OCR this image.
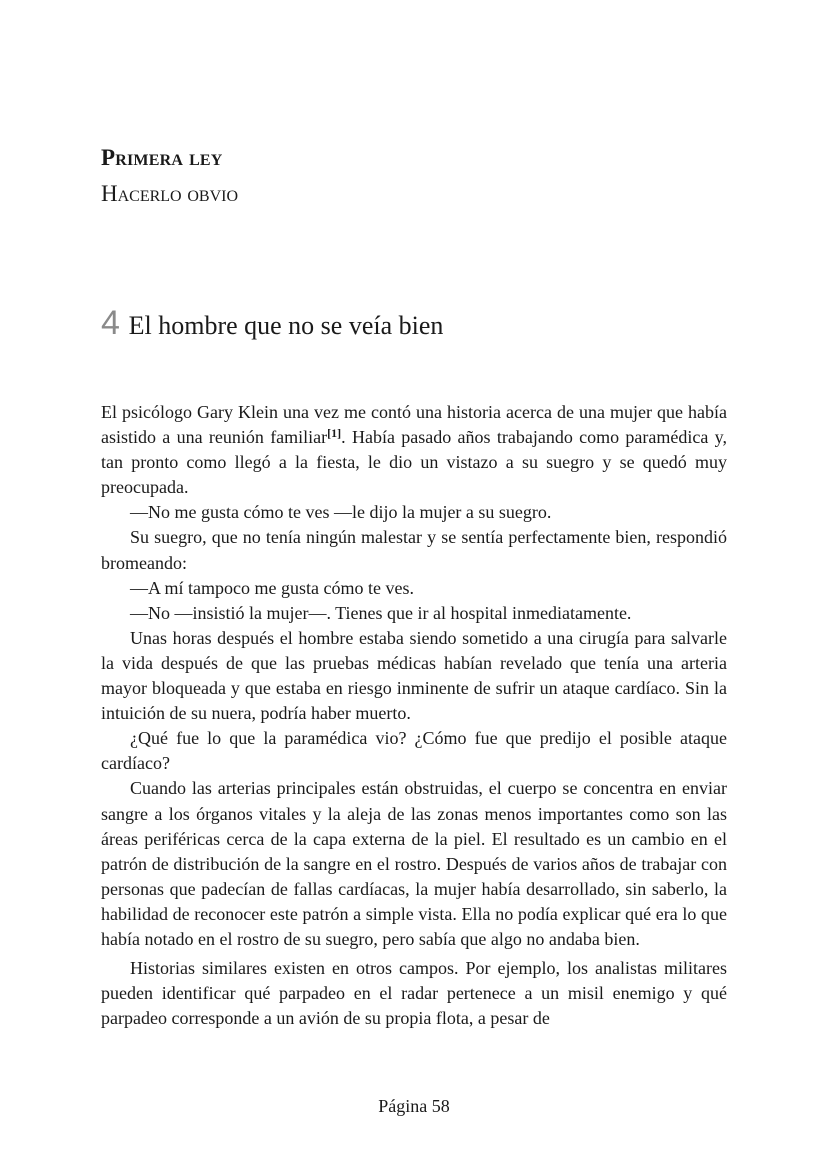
Primera ley
Hacerlo obvio
4 El hombre que no se veía bien

El psicólogo Gary Klein una vez me contó una historia acerca de una mujer que había asistido a una reunión familiar[1]. Había pasado años trabajando como paramédica y, tan pronto como llegó a la fiesta, le dio un vistazo a su suegro y se quedó muy preocupada.

—No me gusta cómo te ves —le dijo la mujer a su suegro.

Su suegro, que no tenía ningún malestar y se sentía perfectamente bien, respondió bromeando:

—A mí tampoco me gusta cómo te ves.

—No —insistió la mujer—. Tienes que ir al hospital inmediatamente.

Unas horas después el hombre estaba siendo sometido a una cirugía para salvarle la vida después de que las pruebas médicas habían revelado que tenía una arteria mayor bloqueada y que estaba en riesgo inminente de sufrir un ataque cardíaco. Sin la intuición de su nuera, podría haber muerto.

¿Qué fue lo que la paramédica vio? ¿Cómo fue que predijo el posible ataque cardíaco?

Cuando las arterias principales están obstruidas, el cuerpo se concentra en enviar sangre a los órganos vitales y la aleja de las zonas menos importantes como son las áreas periféricas cerca de la capa externa de la piel. El resultado es un cambio en el patrón de distribución de la sangre en el rostro. Después de varios años de trabajar con personas que padecían de fallas cardíacas, la mujer había desarrollado, sin saberlo, la habilidad de reconocer este patrón a simple vista. Ella no podía explicar qué era lo que había notado en el rostro de su suegro, pero sabía que algo no andaba bien.

Historias similares existen en otros campos. Por ejemplo, los analistas militares pueden identificar qué parpadeo en el radar pertenece a un misil enemigo y qué parpadeo corresponde a un avión de su propia flota, a pesar de

Página 58
